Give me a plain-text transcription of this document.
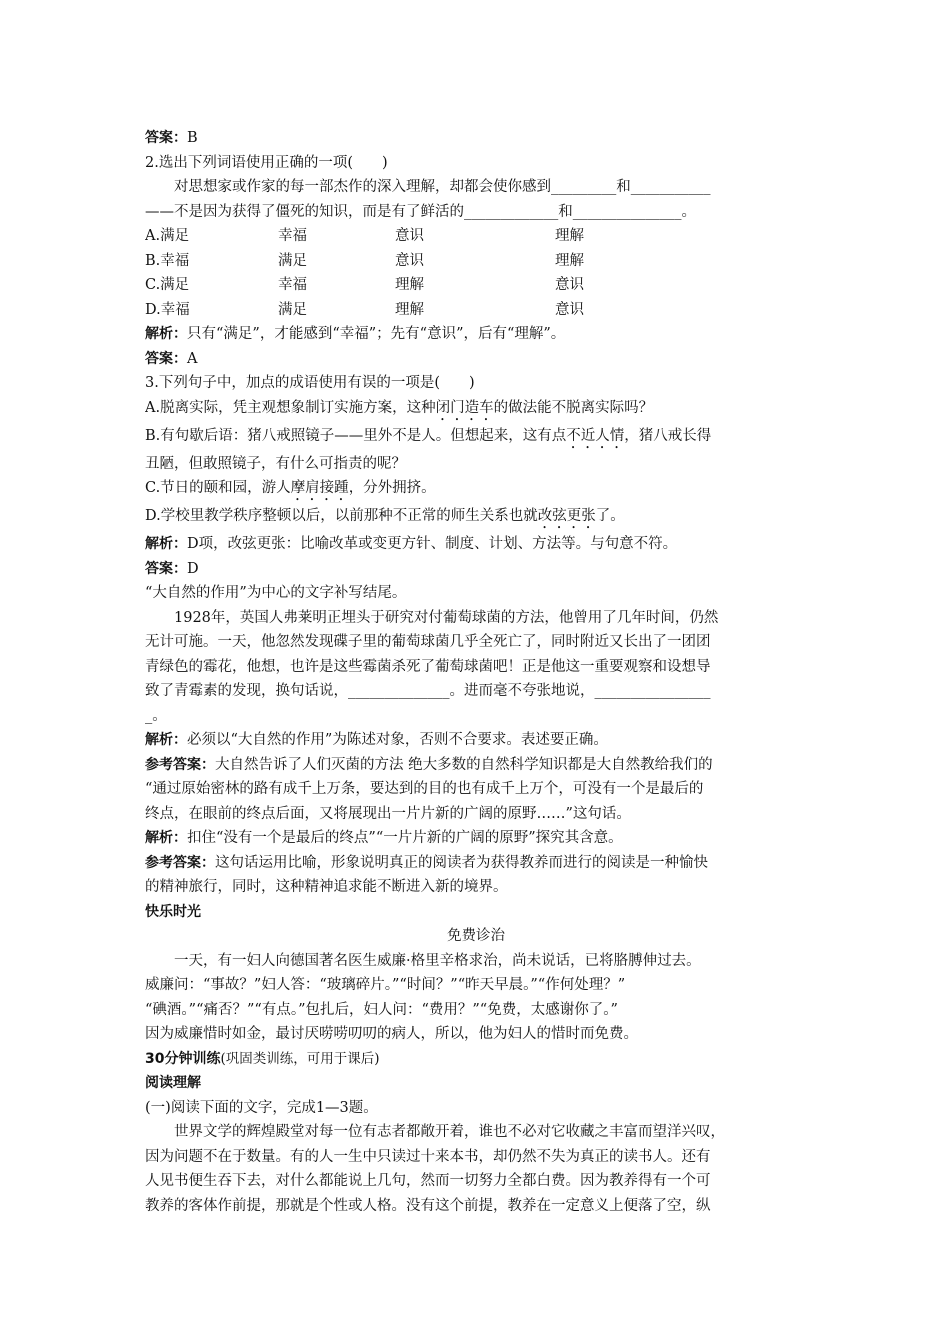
答案：B
2.选出下列词语使用正确的一项(　　)
对思想家或作家的每一部杰作的深入理解，却都会使你感到_________和___________
——不是因为获得了僵死的知识，而是有了鲜活的_____________和_______________。
A.满足	幸福	意识	理解
B.幸福	满足	意识	理解
C.满足	幸福	理解	意识
D.幸福	满足	理解	意识
解析：只有“满足”，才能感到“幸福”；先有“意识”，后有“理解”。
答案：A
3.下列句子中，加点的成语使用有误的一项是(　　)
A.脱离实际，凭主观想象制订实施方案，这种闭门造车的做法能不脱离实际吗？
B.有句歇后语：猪八戒照镜子——里外不是人。但想起来，这有点不近人情，猪八戒长得
丑陋，但敢照镜子，有什么可指责的呢？
C.节日的颐和园，游人摩肩接踵，分外拥挤。
D.学校里教学秩序整顿以后，以前那种不正常的师生关系也就改弦更张了。
解析：D项，改弦更张：比喻改革或变更方针、制度、计划、方法等。与句意不符。
答案：D
“大自然的作用”为中心的文字补写结尾。
1928年，英国人弗莱明正埋头于研究对付葡萄球菌的方法，他曾用了几年时间，仍然
无计可施。一天，他忽然发现碟子里的葡萄球菌几乎全死亡了，同时附近又长出了一团团
青绿色的霉花，他想，也许是这些霉菌杀死了葡萄球菌吧！正是他这一重要观察和设想导
致了青霉素的发现，换句话说，______________。进而毫不夸张地说，________________
_。
解析：必须以“大自然的作用”为陈述对象，否则不合要求。表述要正确。
参考答案：大自然告诉了人们灭菌的方法 绝大多数的自然科学知识都是大自然教给我们的
“通过原始密林的路有成千上万条，要达到的目的也有成千上万个，可没有一个是最后的
终点，在眼前的终点后面，又将展现出一片片新的广阔的原野……”这句话。
解析：扣住“没有一个是最后的终点”“一片片新的广阔的原野”探究其含意。
参考答案：这句话运用比喻，形象说明真正的阅读者为获得教养而进行的阅读是一种愉快
的精神旅行，同时，这种精神追求能不断进入新的境界。
快乐时光
免费诊治
一天，有一妇人向德国著名医生威廉·格里辛格求治，尚未说话，已将胳膊伸过去。
威廉问：“事故？”妇人答：“玻璃碎片。”“时间？”“昨天早晨。”“作何处理？”
“碘酒。”“痛否？”“有点。”包扎后，妇人问：“费用？”“免费，太感谢你了。”
因为威廉惜时如金，最讨厌唠唠叨叨的病人，所以，他为妇人的惜时而免费。
30分钟训练(巩固类训练，可用于课后)
阅读理解
(一)阅读下面的文字，完成1—3题。
世界文学的辉煌殿堂对每一位有志者都敞开着，谁也不必对它收藏之丰富而望洋兴叹，
因为问题不在于数量。有的人一生中只读过十来本书，却仍然不失为真正的读书人。还有
人见书便生吞下去，对什么都能说上几句，然而一切努力全都白费。因为教养得有一个可
教养的客体作前提，那就是个性或人格。没有这个前提，教养在一定意义上便落了空，纵
